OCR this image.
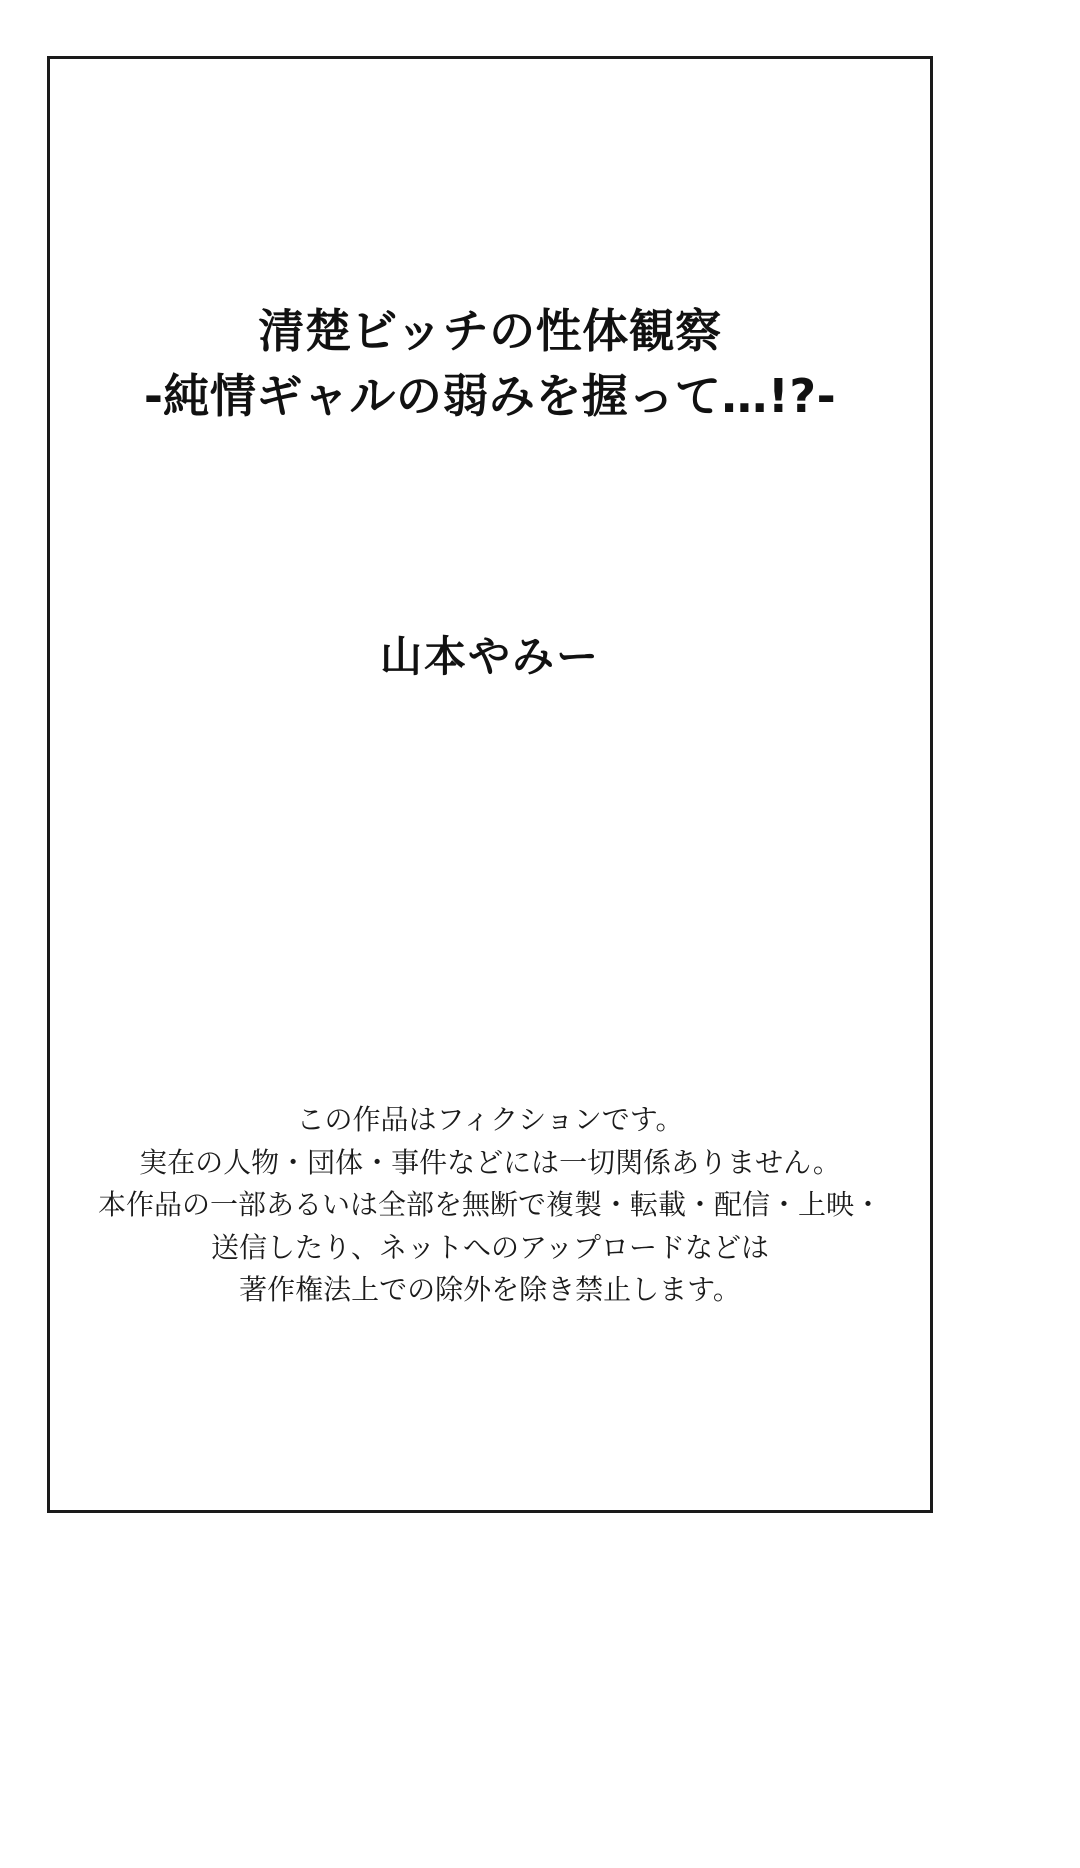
清楚ビッチの性体観察
-純情ギャルの弱みを握って…!?-
山本やみー
この作品はフィクションです。
実在の人物・団体・事件などには一切関係ありません。
本作品の一部あるいは全部を無断で複製・転載・配信・上映・
送信したり、ネットへのアップロードなどは
著作権法上での除外を除き禁止します。
